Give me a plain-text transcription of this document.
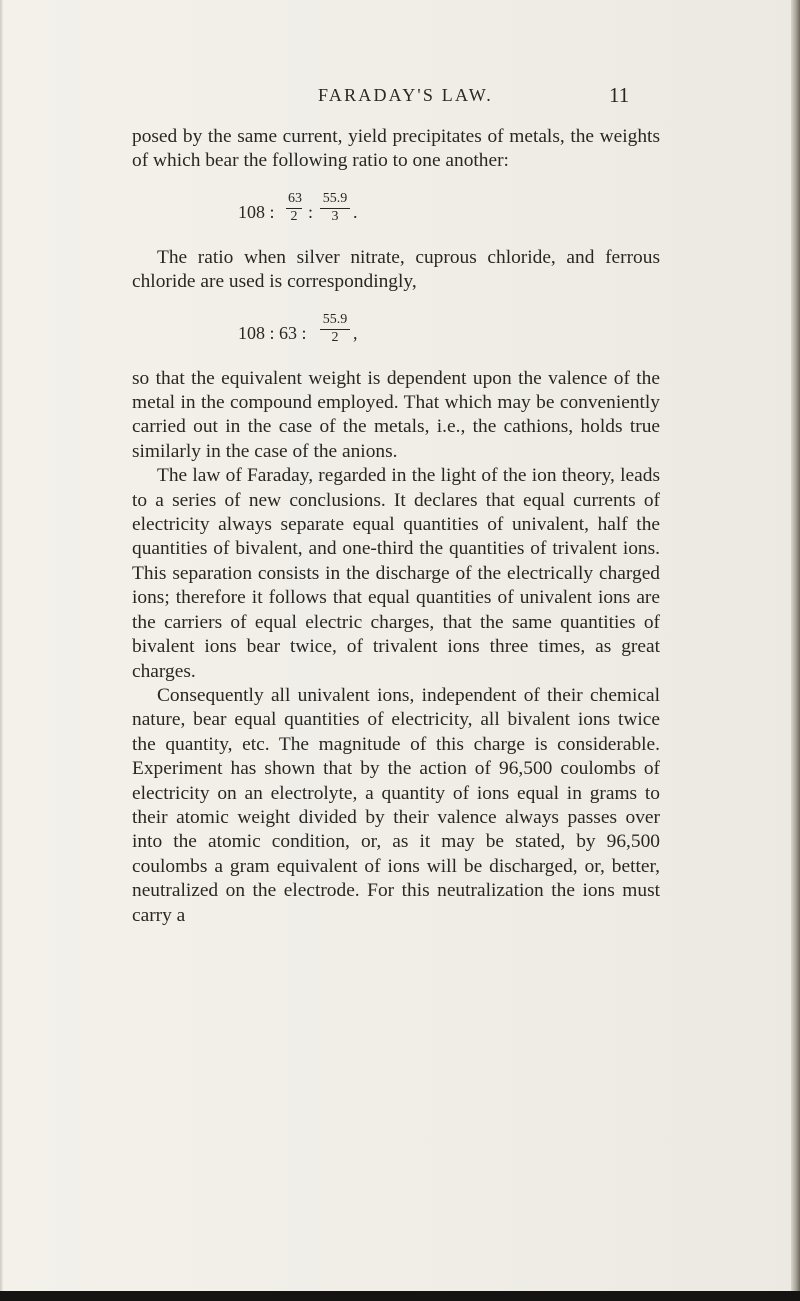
FARADAY'S LAW.	11

posed by the same current, yield precipitates of metals, the weights of which bear the following ratio to one another:

108 :
63
2 :
55.9
3 .

The ratio when silver nitrate, cuprous chloride, and ferrous chloride are used is correspondingly,

108 : 63 :
55.9
2 ,

so that the equivalent weight is dependent upon the valence of the metal in the compound employed. That which may be conveniently carried out in the case of the metals, i.e., the cathions, holds true similarly in the case of the anions.

The law of Faraday, regarded in the light of the ion theory, leads to a series of new conclusions. It declares that equal currents of electricity always separate equal quantities of univalent, half the quantities of bivalent, and one-third the quantities of trivalent ions. This separation consists in the discharge of the electrically charged ions; therefore it follows that equal quantities of univalent ions are the carriers of equal electric charges, that the same quantities of bivalent ions bear twice, of trivalent ions three times, as great charges.

Consequently all univalent ions, independent of their chemical nature, bear equal quantities of electricity, all bivalent ions twice the quantity, etc. The magnitude of this charge is considerable. Experiment has shown that by the action of 96,500 coulombs of electricity on an electrolyte, a quantity of ions equal in grams to their atomic weight divided by their valence always passes over into the atomic condition, or, as it may be stated, by 96,500 coulombs a gram equivalent of ions will be discharged, or, better, neutralized on the electrode. For this neutralization the ions must carry a
